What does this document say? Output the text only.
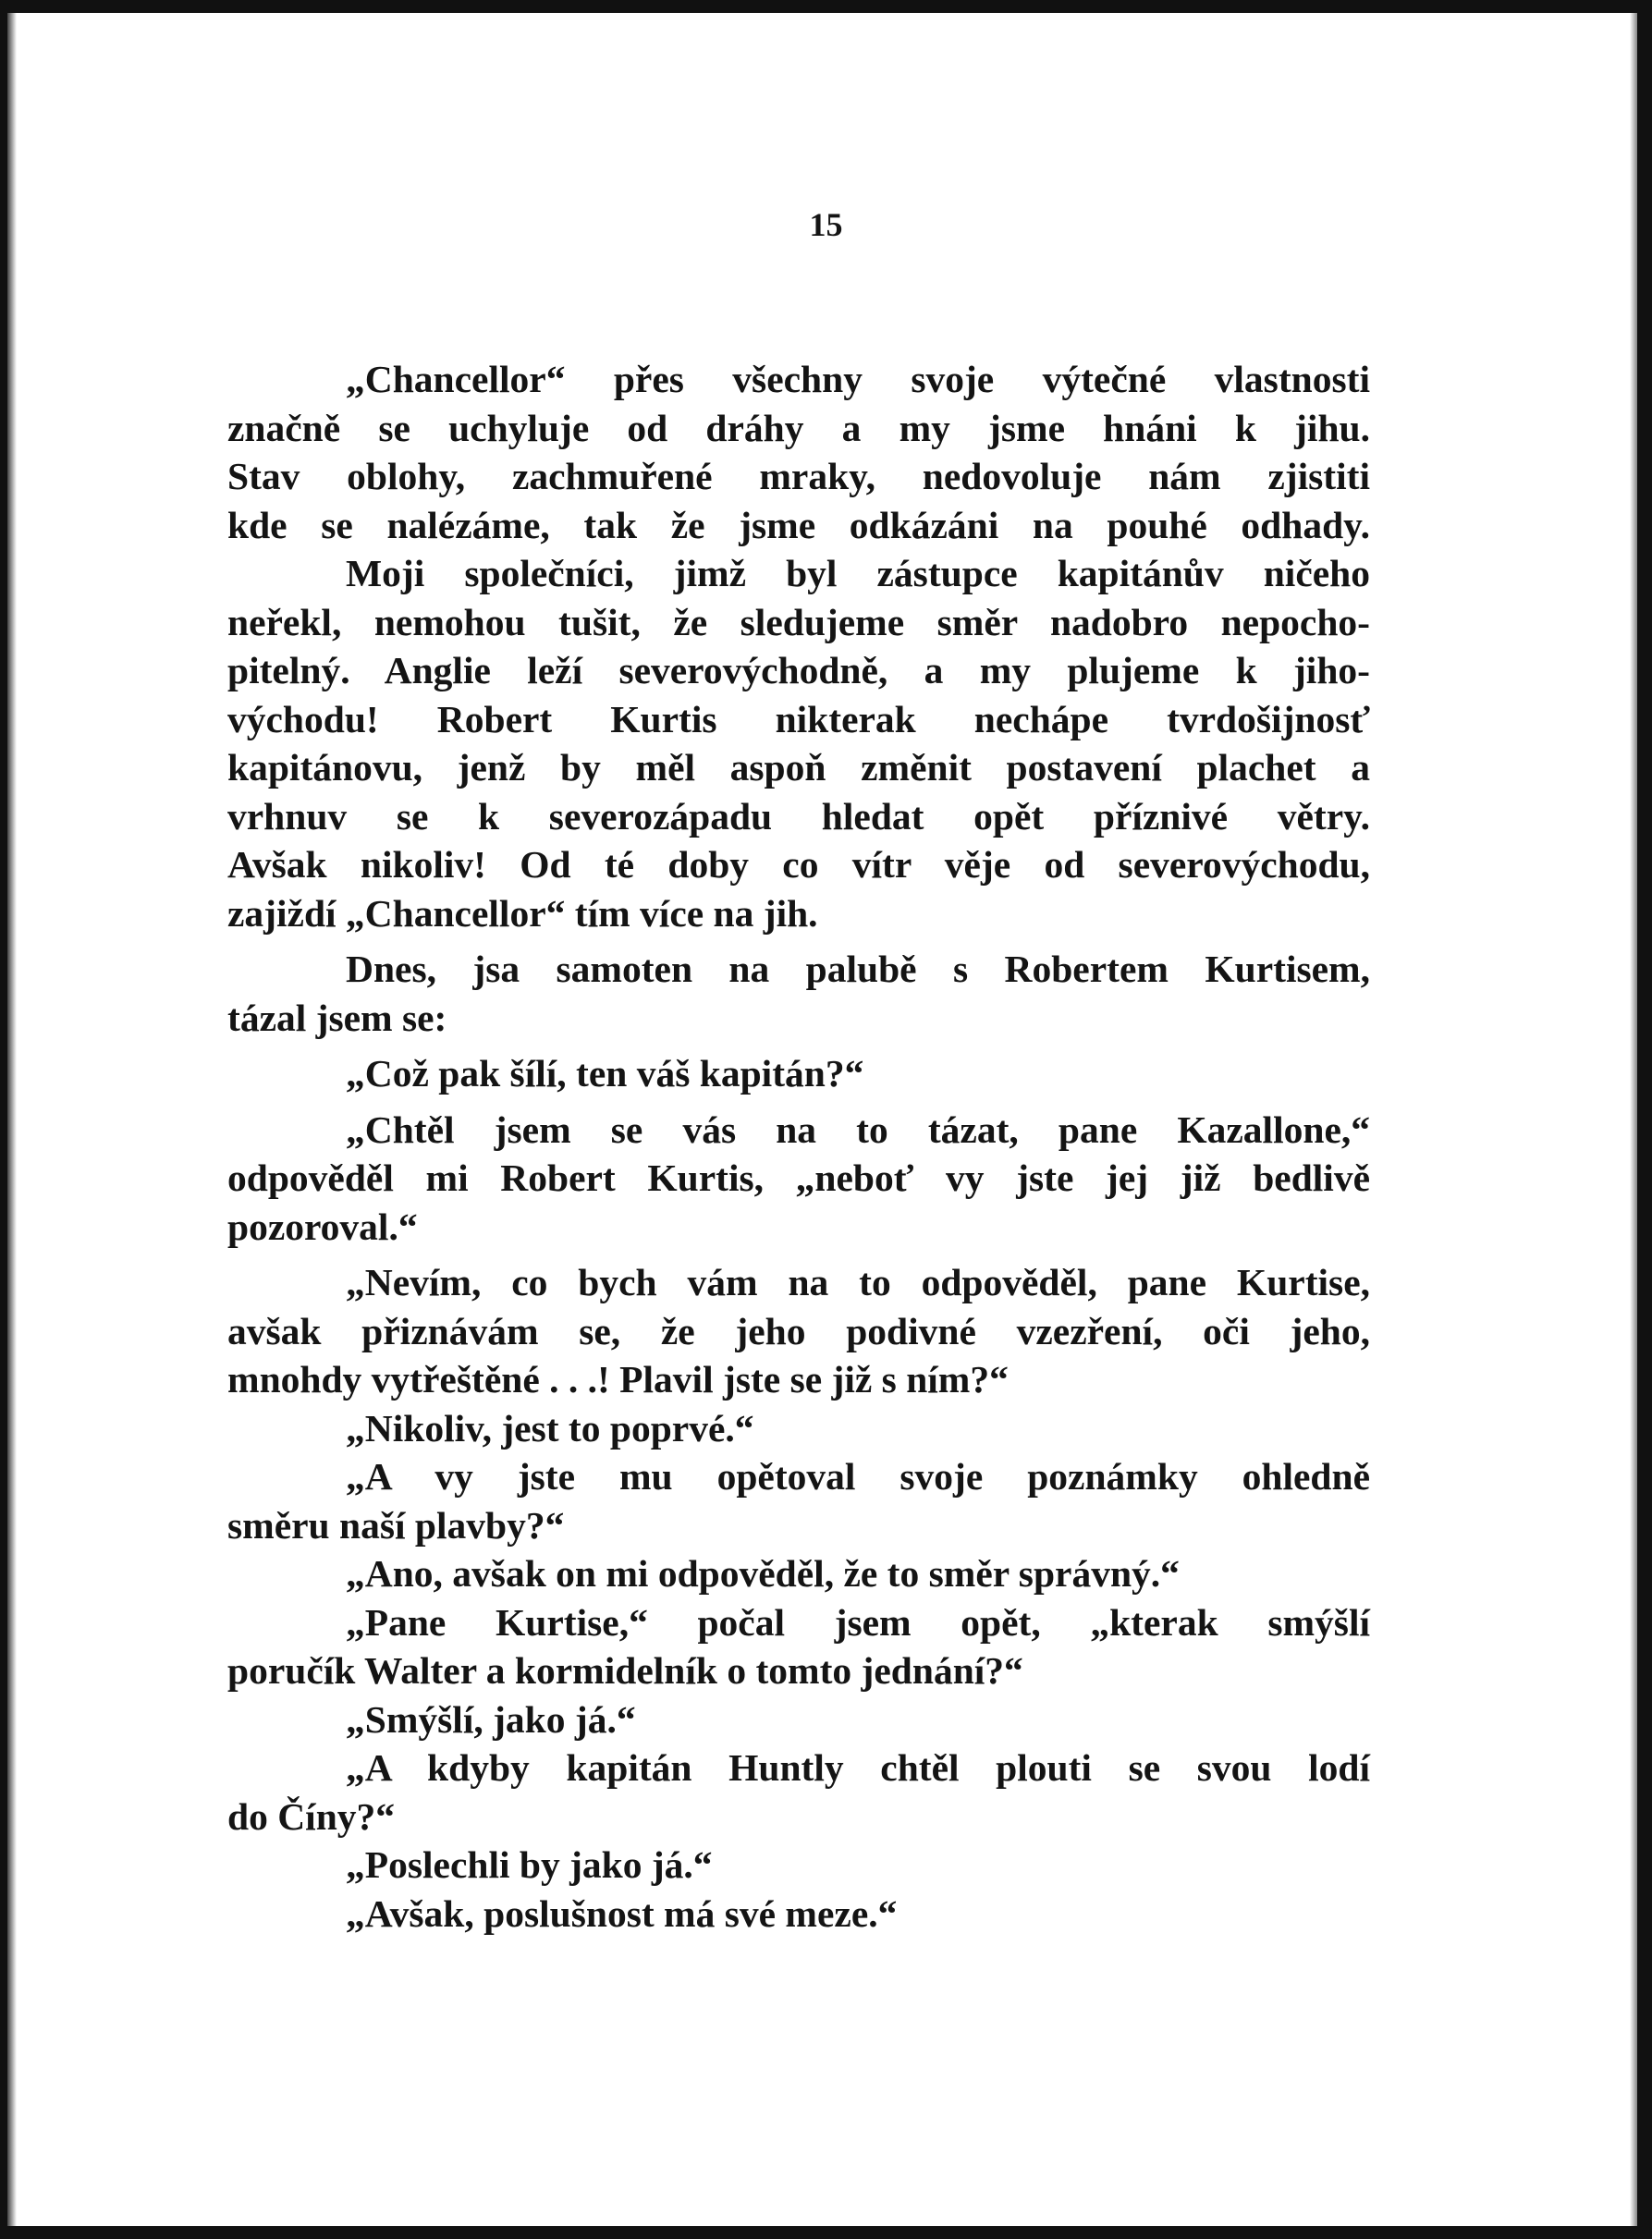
15
„Chancellor“ přes všechny svoje výtečné vlastnosti
značně se uchyluje od dráhy a my jsme hnáni k jihu.
Stav oblohy, zachmuřené mraky, nedovoluje nám zjistiti
kde se nalézáme, tak že jsme odkázáni na pouhé odhady.
Moji společníci, jimž byl zástupce kapitánův ničeho
neřekl, nemohou tušit, že sledujeme směr nadobro nepocho-
pitelný. Anglie leží severovýchodně, a my plujeme k jiho-
východu! Robert Kurtis nikterak nechápe tvrdošijnosť
kapitánovu, jenž by měl aspoň změnit postavení plachet a
vrhnuv se k severozápadu hledat opět příznivé větry.
Avšak nikoliv! Od té doby co vítr věje od severovýchodu,
zajiždí „Chancellor“ tím více na jih.
Dnes, jsa samoten na palubě s Robertem Kurtisem,
tázal jsem se:
„Což pak šílí, ten váš kapitán?“
„Chtěl jsem se vás na to tázat, pane Kazallone,“
odpověděl mi Robert Kurtis, „neboť vy jste jej již bedlivě
pozoroval.“
„Nevím, co bych vám na to odpověděl, pane Kurtise,
avšak přiznávám se, že jeho podivné vzezření, oči jeho,
mnohdy vytřeštěné . . .! Plavil jste se již s ním?“
„Nikoliv, jest to poprvé.“
„A vy jste mu opětoval svoje poznámky ohledně
směru naší plavby?“
„Ano, avšak on mi odpověděl, že to směr správný.“
„Pane Kurtise,“ počal jsem opět, „kterak smýšlí
poručík Walter a kormidelník o tomto jednání?“
„Smýšlí, jako já.“
„A kdyby kapitán Huntly chtěl plouti se svou lodí
do Číny?“
„Poslechli by jako já.“
„Avšak, poslušnost má své meze.“
